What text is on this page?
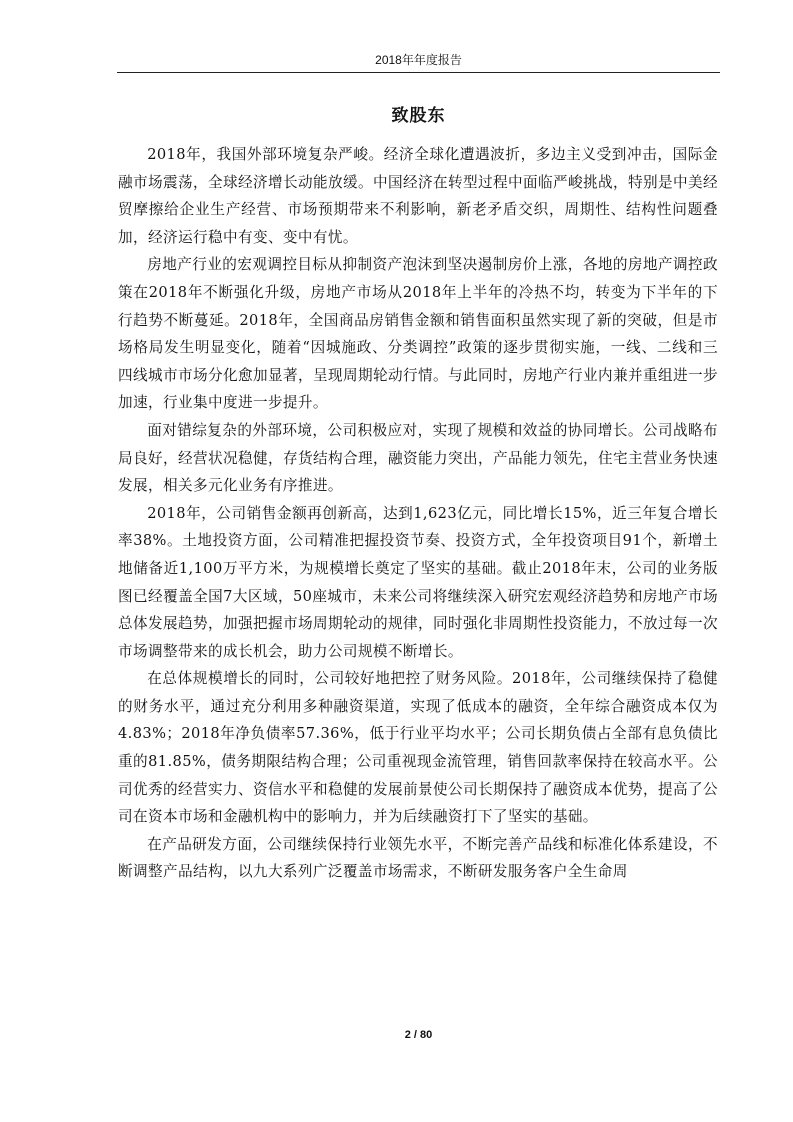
2018年年度报告
致股东

2018年，我国外部环境复杂严峻。经济全球化遭遇波折，多边主义受到冲击，国际金融市场震荡，全球经济增长动能放缓。中国经济在转型过程中面临严峻挑战，特别是中美经贸摩擦给企业生产经营、市场预期带来不利影响，新老矛盾交织，周期性、结构性问题叠加，经济运行稳中有变、变中有忧。

房地产行业的宏观调控目标从抑制资产泡沫到坚决遏制房价上涨，各地的房地产调控政策在2018年不断强化升级，房地产市场从2018年上半年的冷热不均，转变为下半年的下行趋势不断蔓延。2018年，全国商品房销售金额和销售面积虽然实现了新的突破，但是市场格局发生明显变化，随着“因城施政、分类调控”政策的逐步贯彻实施，一线、二线和三四线城市市场分化愈加显著，呈现周期轮动行情。与此同时，房地产行业内兼并重组进一步加速，行业集中度进一步提升。

面对错综复杂的外部环境，公司积极应对，实现了规模和效益的协同增长。公司战略布局良好，经营状况稳健，存货结构合理，融资能力突出，产品能力领先，住宅主营业务快速发展，相关多元化业务有序推进。

2018年，公司销售金额再创新高，达到1,623亿元，同比增长15%，近三年复合增长率38%。土地投资方面，公司精准把握投资节奏、投资方式，全年投资项目91个，新增土地储备近1,100万平方米，为规模增长奠定了坚实的基础。截止2018年末，公司的业务版图已经覆盖全国7大区域，50座城市，未来公司将继续深入研究宏观经济趋势和房地产市场总体发展趋势，加强把握市场周期轮动的规律，同时强化非周期性投资能力，不放过每一次市场调整带来的成长机会，助力公司规模不断增长。

在总体规模增长的同时，公司较好地把控了财务风险。2018年，公司继续保持了稳健的财务水平，通过充分利用多种融资渠道，实现了低成本的融资，全年综合融资成本仅为4.83%；2018年净负债率57.36%，低于行业平均水平；公司长期负债占全部有息负债比重的81.85%，债务期限结构合理；公司重视现金流管理，销售回款率保持在较高水平。公司优秀的经营实力、资信水平和稳健的发展前景使公司长期保持了融资成本优势，提高了公司在资本市场和金融机构中的影响力，并为后续融资打下了坚实的基础。

在产品研发方面，公司继续保持行业领先水平，不断完善产品线和标准化体系建设，不断调整产品结构，以九大系列广泛覆盖市场需求，不断研发服务客户全生命周

2 / 80
